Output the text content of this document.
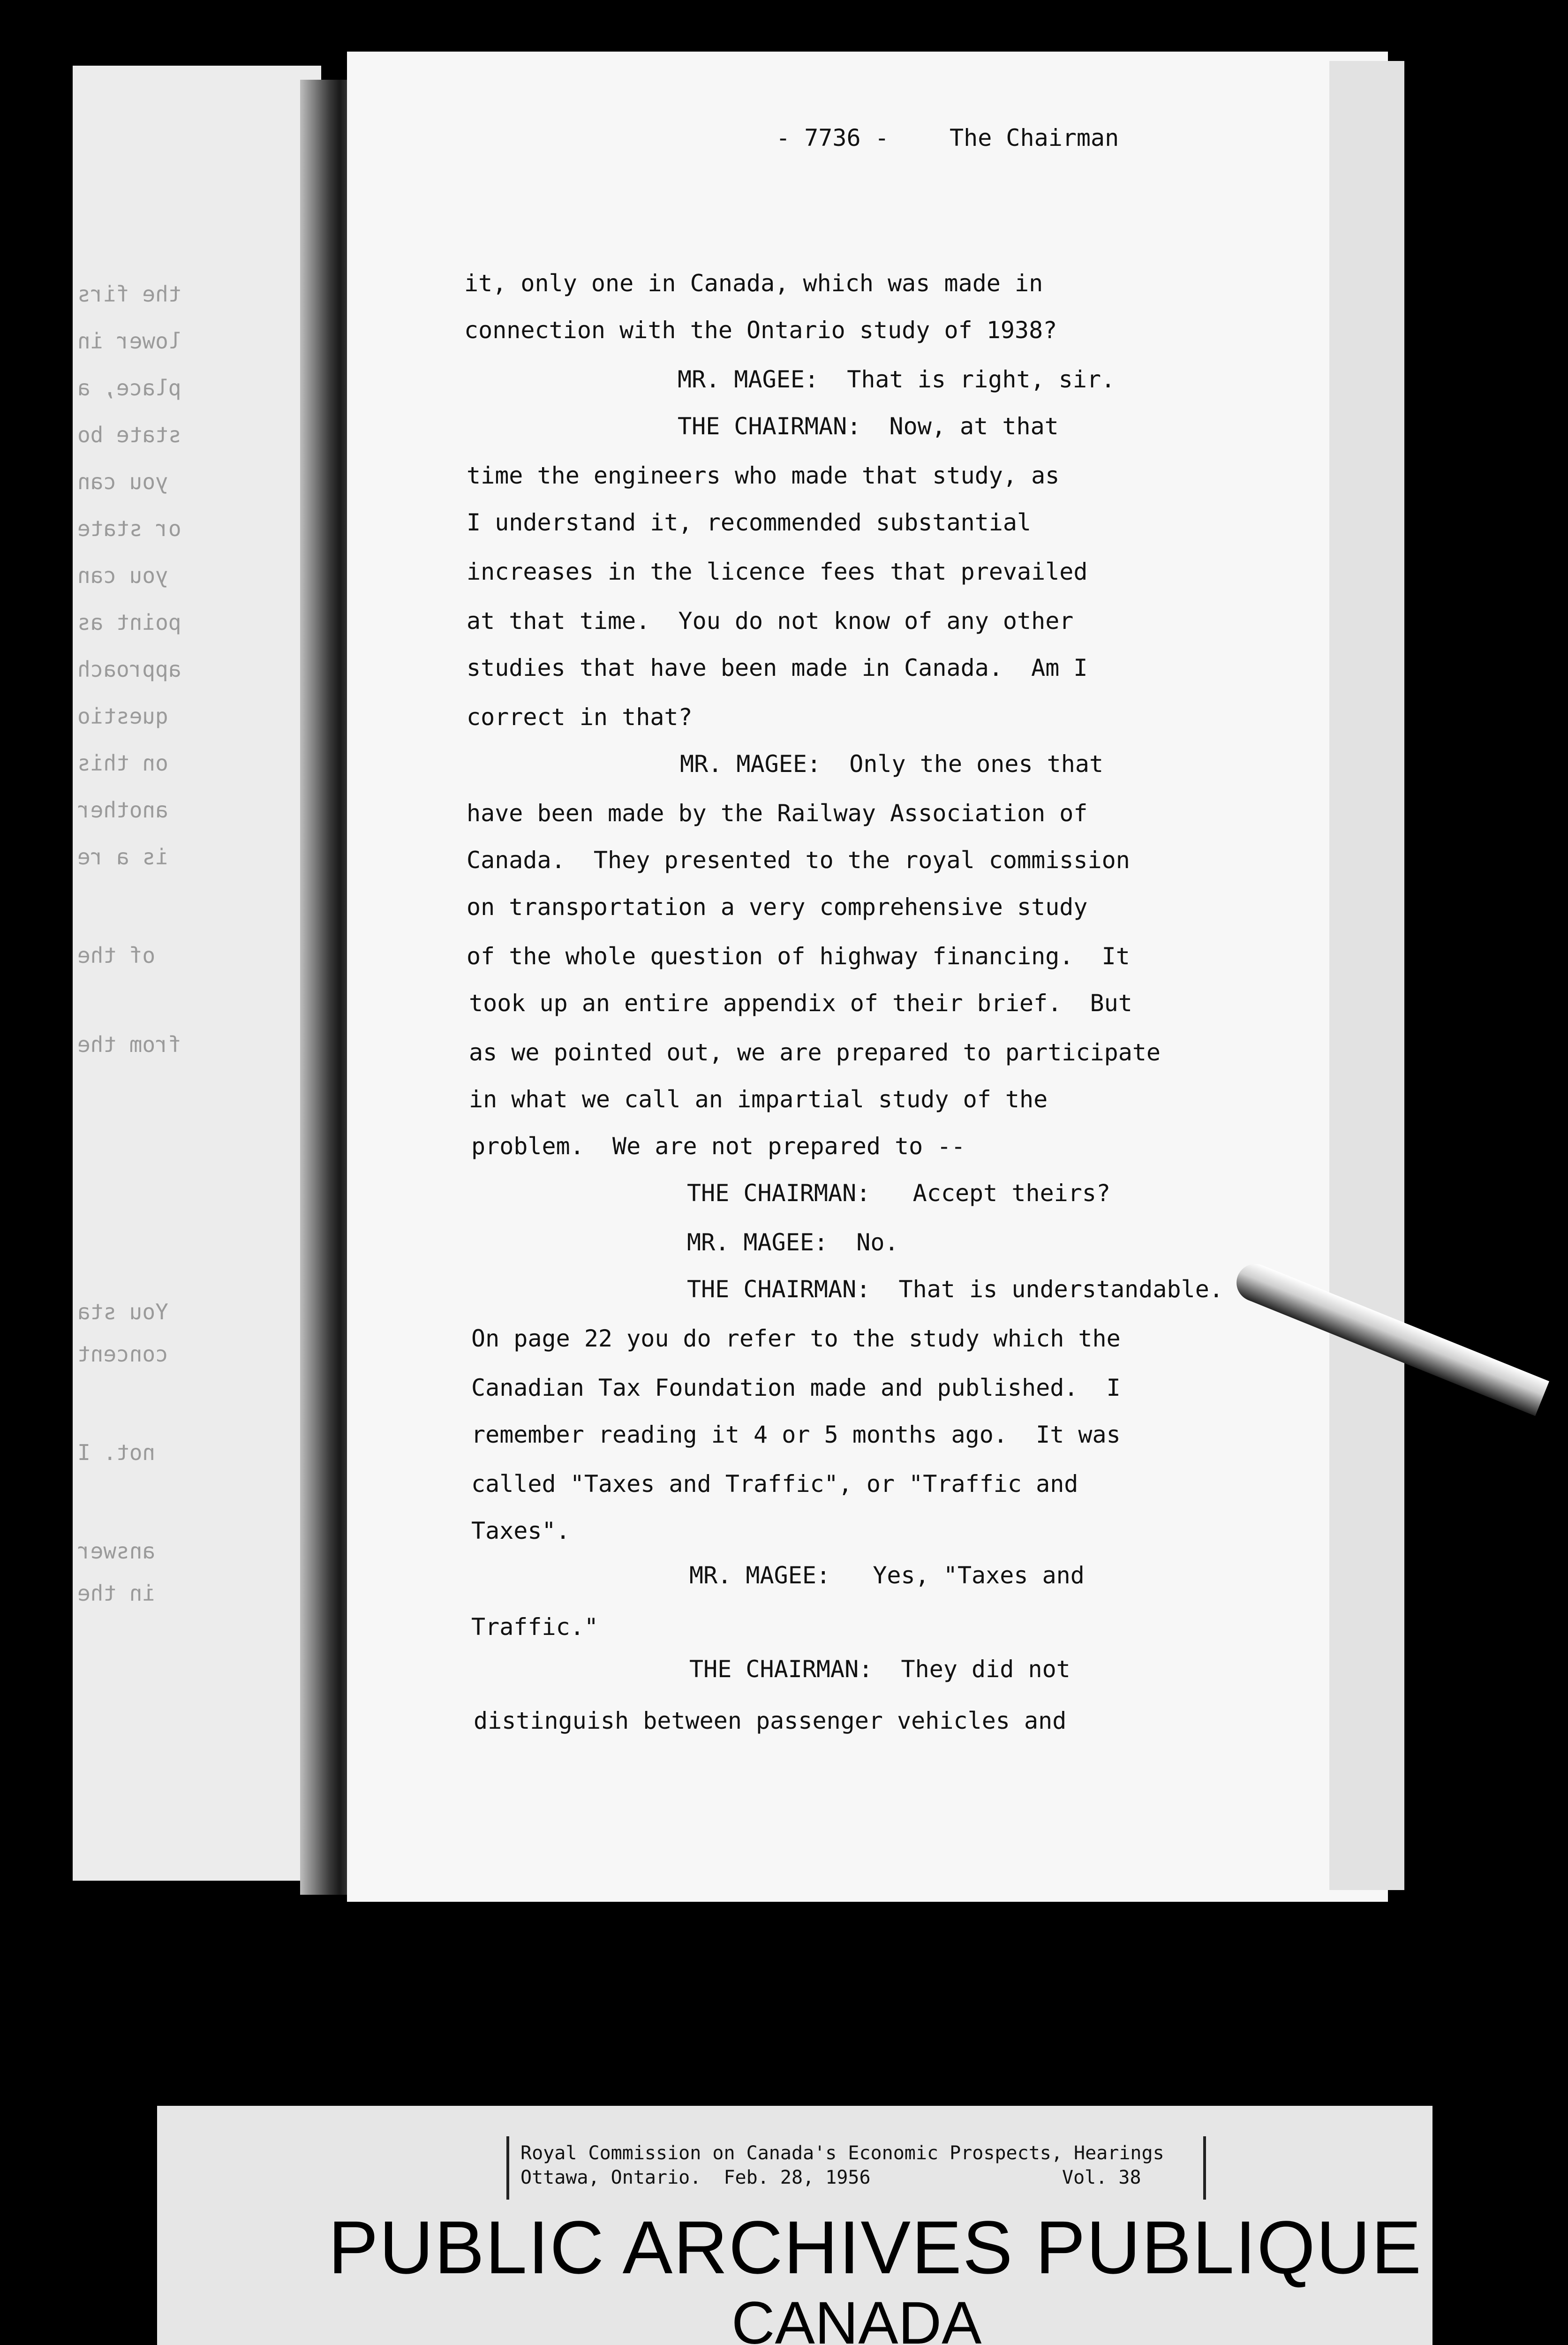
the firs
lower in
place, a
state bo
you can
or state
you can
point as
approach
questio
on this
another
is a re
of the
from the
You sta
concent
not. I
answer
in the
- 7736 -	The Chairman
it, only one in Canada, which was made in
connection with the Ontario study of 1938?
MR. MAGEE:  That is right, sir.
THE CHAIRMAN:  Now, at that
time the engineers who made that study, as
I understand it, recommended substantial
increases in the licence fees that prevailed
at that time.  You do not know of any other
studies that have been made in Canada.  Am I
correct in that?
MR. MAGEE:  Only the ones that
have been made by the Railway Association of
Canada.  They presented to the royal commission
on transportation a very comprehensive study
of the whole question of highway financing.  It
took up an entire appendix of their brief.  But
as we pointed out, we are prepared to participate
in what we call an impartial study of the
problem.  We are not prepared to --
THE CHAIRMAN:   Accept theirs?
MR. MAGEE:  No.
THE CHAIRMAN:  That is understandable.
On page 22 you do refer to the study which the
Canadian Tax Foundation made and published.  I
remember reading it 4 or 5 months ago.  It was
called "Taxes and Traffic", or "Traffic and
Taxes".
MR. MAGEE:   Yes, "Taxes and
Traffic."
THE CHAIRMAN:  They did not
distinguish between passenger vehicles and
Royal Commission on Canada's Economic Prospects, Hearings
Ottawa, Ontario.  Feb. 28, 1956	Vol. 38
PUBLIC ARCHIVES PUBLIQUE
CANADA
